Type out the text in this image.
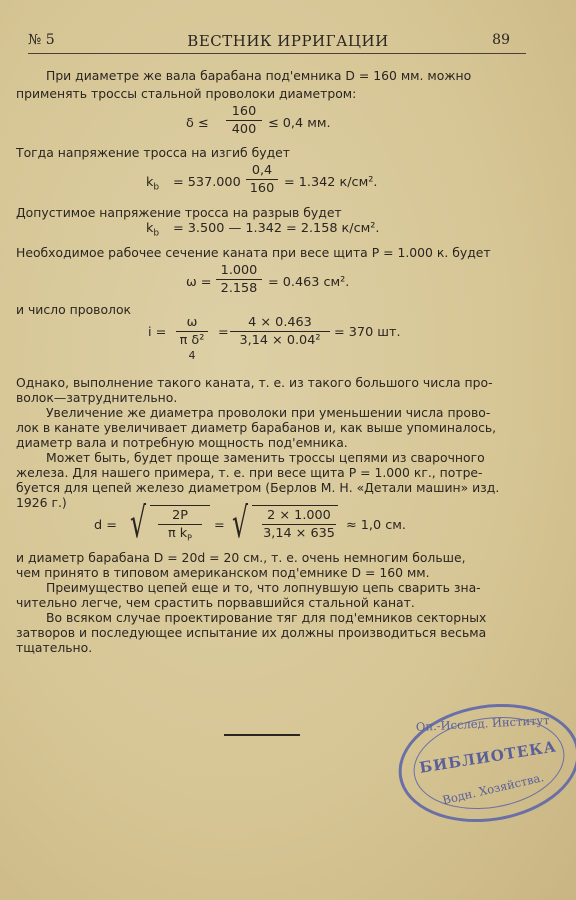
№ 5	ВЕСТНИК ИРРИГАЦИИ	89
При диаметре же вала барабана под'емника D = 160 мм. можно
применять троссы стальной проволоки диаметром:
δ ≤
160
400 ≤ 0,4 мм.
Тогда напряжение тросса на изгиб будет
$k_b = 537.000$
0,4
160 = 1.342 к/см².
Допустимое напряжение тросса на разрыв будет
$k_b = 3.500$ — 1.342 = 2.158 к/см².
Необходимое рабочее сечение каната при весе щита P = 1.000 к. будет
ω =
1.000
2.158 = 0.463 см².
и число проволок
i =
ω
π δ²
4
=
4 × 0.463
3,14 × 0.04²
= 370 шт.
Однако, выполнение такого каната, т. е. из такого большого числа про-
волок—затруднительно.
Увеличение же диаметра проволоки при уменьшении числа прово-
лок в канате увеличивает диаметр барабанов и, как выше упоминалось,
диаметр вала и потребную мощность под'емника.
Может быть, будет проще заменить троссы цепями из сварочного
железа. Для нашего примера, т. е. при весе щита P = 1.000 кг., потре-
буется для цепей железо диаметром (Берлов М. Н. «Детали машин» изд.
1926 г.)
d = √	2P
π $k_P$
= √	2 × 1.000
3,14 × 635
≈ 1,0 см.
и диаметр барабана D = 20d = 20 см., т. е. очень немногим больше,
чем принято в типовом американском под'емнике D = 160 мм.
Преимущество цепей еще и то, что лопнувшую цепь сварить зна-
чительно легче, чем срастить порвавшийся стальной канат.
Во всяком случае проектирование тяг для под'емников секторных
затворов и последующее испытание их должны производиться весьма
тщательно.
Оп.-Исслед. Институт
БИБЛИОТЕКА
Водн. Хозяйства.
